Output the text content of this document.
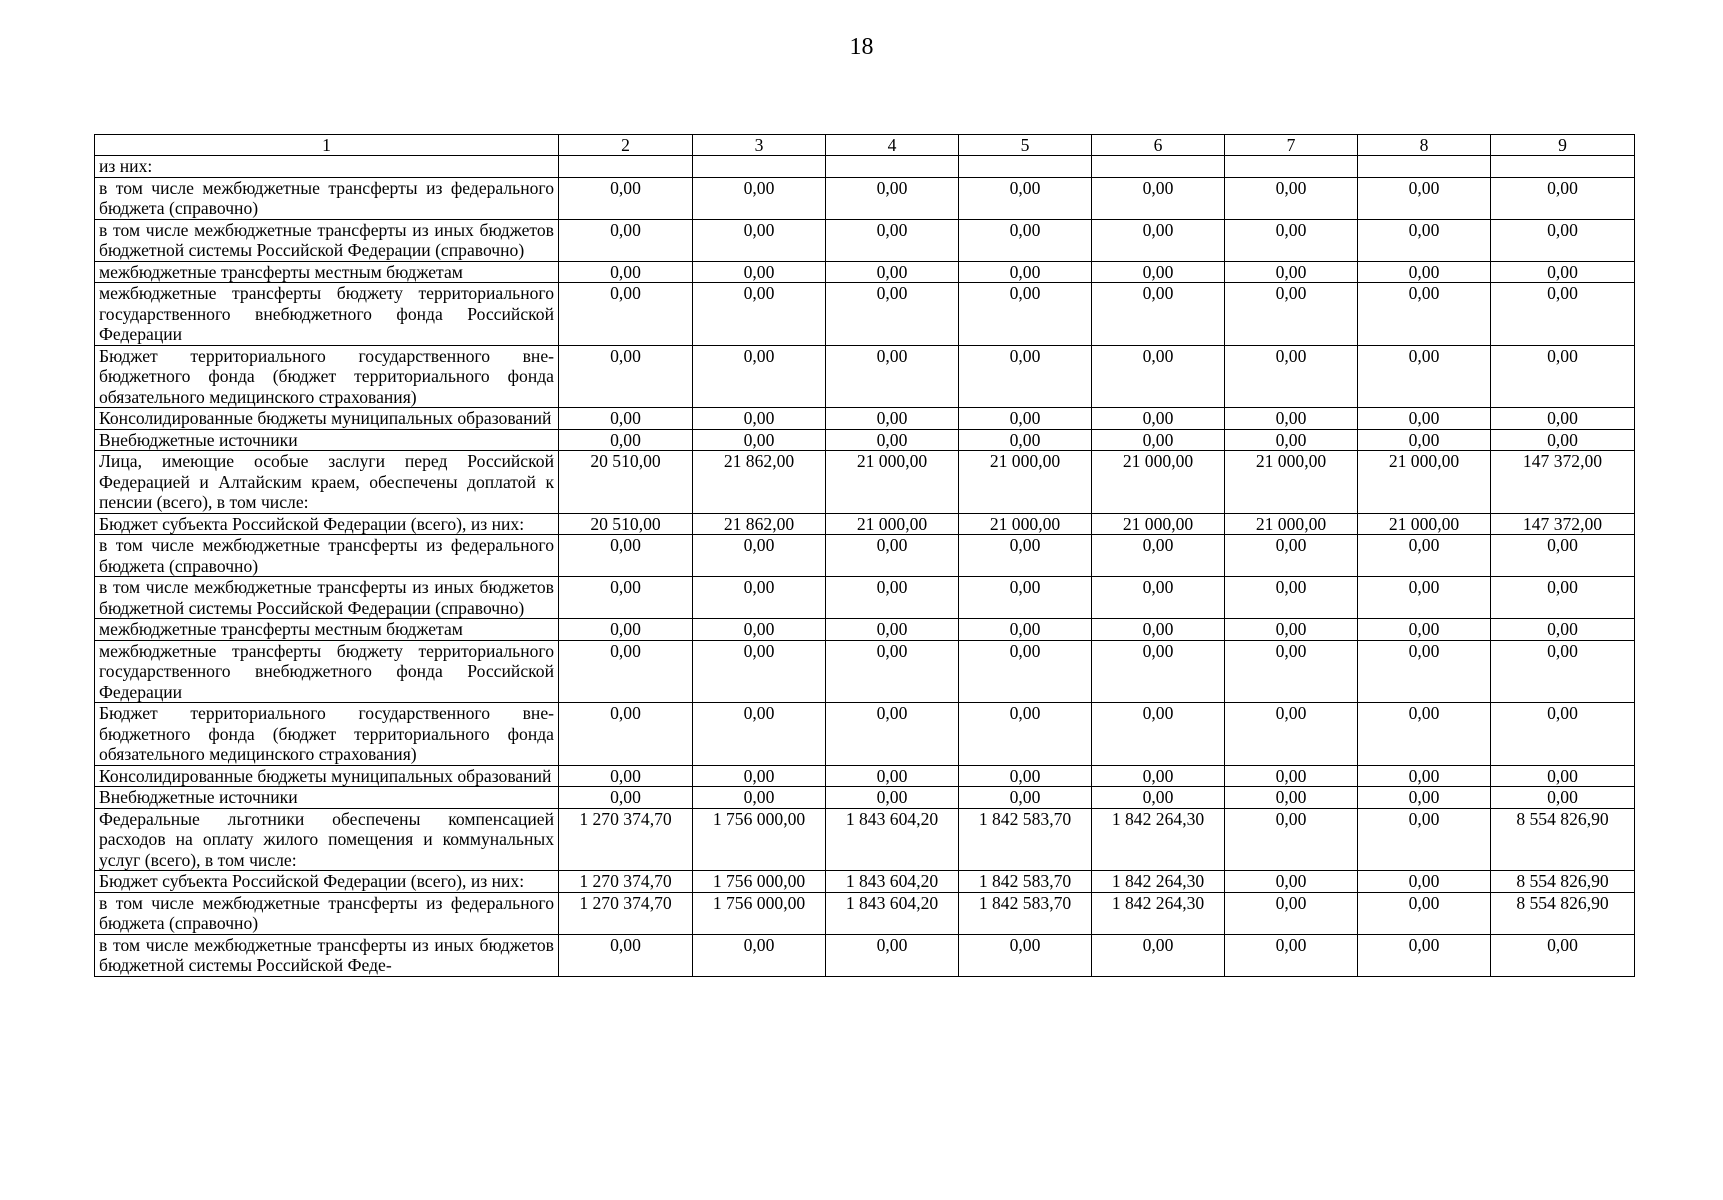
18
1	2	3	4	5	6	7	8	9
из них:								
в том числе межбюджетные трансферты из федерального бюджета (справочно)	0,00	0,00	0,00	0,00	0,00	0,00	0,00	0,00
в том числе межбюджетные трансферты из иных бюджетов бюджетной системы Российской Федерации (справочно)	0,00	0,00	0,00	0,00	0,00	0,00	0,00	0,00
межбюджетные трансферты местным бюджетам	0,00	0,00	0,00	0,00	0,00	0,00	0,00	0,00
межбюджетные трансферты бюджету территориального государственного внебюджетного фонда Российской Федерации	0,00	0,00	0,00	0,00	0,00	0,00	0,00	0,00
Бюджет территориального государственного внебюджетного фонда (бюджет территориального фонда обязательного медицинского страхования)	0,00	0,00	0,00	0,00	0,00	0,00	0,00	0,00
Консолидированные бюджеты муниципальных образований	0,00	0,00	0,00	0,00	0,00	0,00	0,00	0,00
Внебюджетные источники	0,00	0,00	0,00	0,00	0,00	0,00	0,00	0,00
Лица, имеющие особые заслуги перед Российской Федерацией и Алтайским краем, обеспечены доплатой к пенсии (всего), в том числе:	20 510,00	21 862,00	21 000,00	21 000,00	21 000,00	21 000,00	21 000,00	147 372,00
Бюджет субъекта Российской Федерации (всего), из них:	20 510,00	21 862,00	21 000,00	21 000,00	21 000,00	21 000,00	21 000,00	147 372,00
в том числе межбюджетные трансферты из федерального бюджета (справочно)	0,00	0,00	0,00	0,00	0,00	0,00	0,00	0,00
в том числе межбюджетные трансферты из иных бюджетов бюджетной системы Российской Федерации (справочно)	0,00	0,00	0,00	0,00	0,00	0,00	0,00	0,00
межбюджетные трансферты местным бюджетам	0,00	0,00	0,00	0,00	0,00	0,00	0,00	0,00
межбюджетные трансферты бюджету территориального государственного внебюджетного фонда Российской Федерации	0,00	0,00	0,00	0,00	0,00	0,00	0,00	0,00
Бюджет территориального государственного внебюджетного фонда (бюджет территориального фонда обязательного медицинского страхования)	0,00	0,00	0,00	0,00	0,00	0,00	0,00	0,00
Консолидированные бюджеты муниципальных образований	0,00	0,00	0,00	0,00	0,00	0,00	0,00	0,00
Внебюджетные источники	0,00	0,00	0,00	0,00	0,00	0,00	0,00	0,00
Федеральные льготники обеспечены компенсацией расходов на оплату жилого помещения и коммунальных услуг (всего), в том числе:	1 270 374,70	1 756 000,00	1 843 604,20	1 842 583,70	1 842 264,30	0,00	0,00	8 554 826,90
Бюджет субъекта Российской Федерации (всего), из них:	1 270 374,70	1 756 000,00	1 843 604,20	1 842 583,70	1 842 264,30	0,00	0,00	8 554 826,90
в том числе межбюджетные трансферты из федерального бюджета (справочно)	1 270 374,70	1 756 000,00	1 843 604,20	1 842 583,70	1 842 264,30	0,00	0,00	8 554 826,90
в том числе межбюджетные трансферты из иных бюджетов бюджетной системы Российской Феде-	0,00	0,00	0,00	0,00	0,00	0,00	0,00	0,00
